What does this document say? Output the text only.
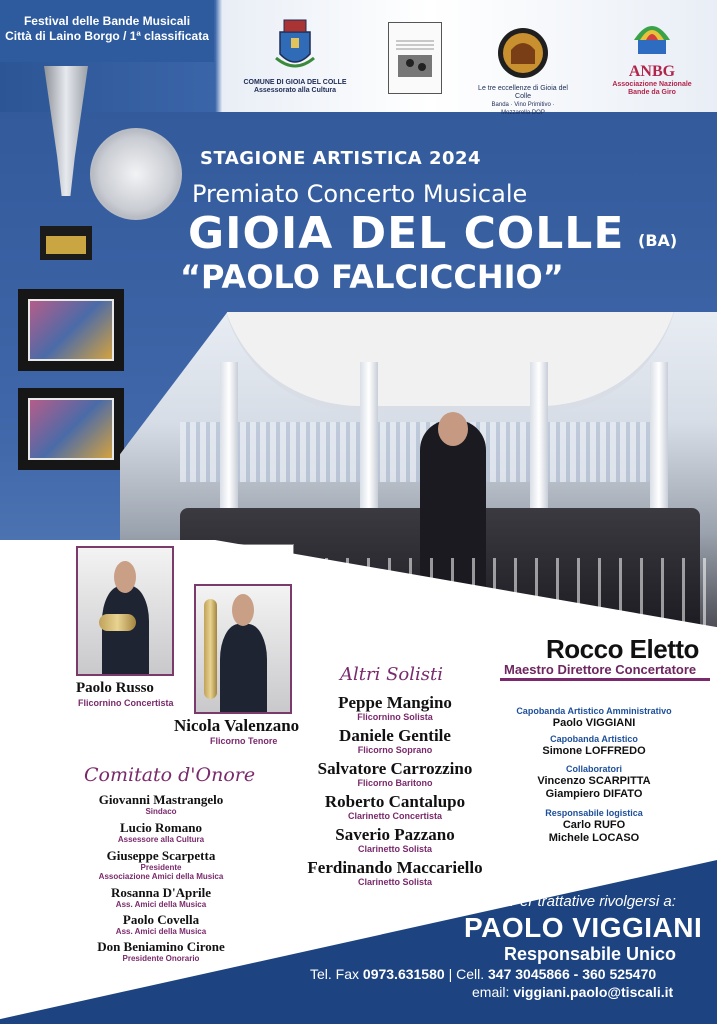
Festival delle Bande Musicali
Città di Laino Borgo / 1ª classificata
COMUNE DI GIOIA DEL COLLE
Assessorato alla Cultura	Le tre eccellenze di Gioia del Colle
Banda · Vino Primitivo · Mozzarella DOP
ANBG
Associazione Nazionale
Bande da Giro
STAGIONE ARTISTICA 2024
Premiato Concerto Musicale
GIOIA DEL COLLE (BA)
“PAOLO FALCICCHIO”
Paolo Russo
Flicornino Concertista
Nicola Valenzano
Flicorno Tenore
Rocco Eletto
Maestro Direttore Concertatore
Altri Solisti
Peppe Mangino
Flicornino Solista
Daniele Gentile
Flicorno Soprano
Salvatore Carrozzino
Flicorno Baritono
Roberto Cantalupo
Clarinetto Concertista
Saverio Pazzano
Clarinetto Solista
Ferdinando Maccariello
Clarinetto Solista
Comitato d'Onore
Giovanni Mastrangelo
Sindaco
Lucio Romano
Assessore alla Cultura
Giuseppe Scarpetta
Presidente
Associazione Amici della Musica
Rosanna D'Aprile
Ass. Amici della Musica
Paolo Covella
Ass. Amici della Musica
Don Beniamino Cirone
Presidente Onorario
Capobanda Artistico Amministrativo
Paolo VIGGIANI
Capobanda Artistico
Simone LOFFREDO
Collaboratori
Vincenzo SCARPITTA
Giampiero DIFATO
Responsabile logistica
Carlo RUFO
Michele LOCASO
Per trattative rivolgersi a:
PAOLO VIGGIANI
Responsabile Unico
Tel. Fax 0973.631580 | Cell. 347 3045866 - 360 525470
email: viggiani.paolo@tiscali.it
